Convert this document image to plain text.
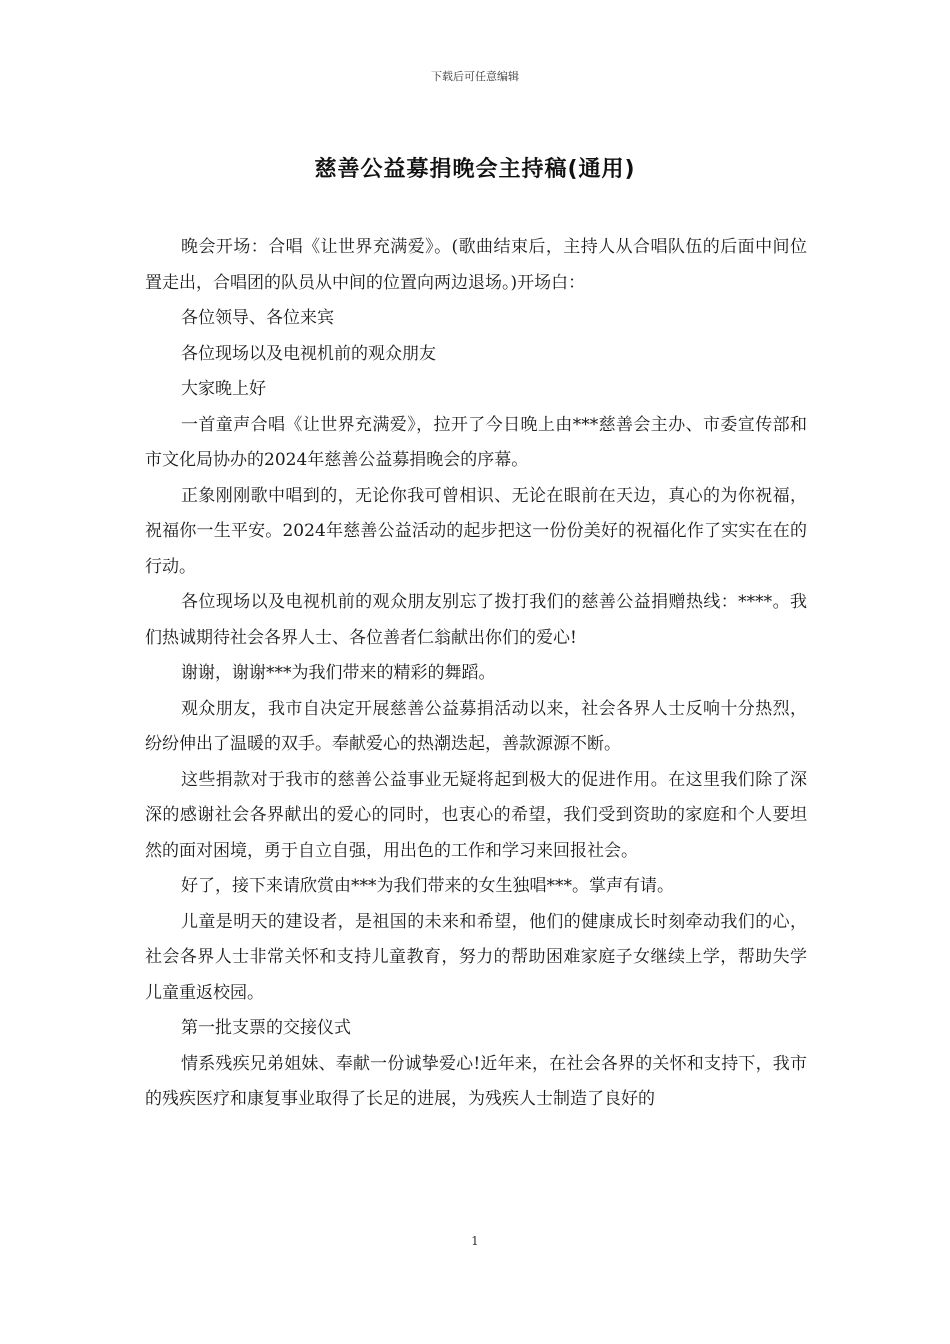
下载后可任意编辑
慈善公益募捐晚会主持稿(通用)

晚会开场：合唱《让世界充满爱》。(歌曲结束后，主持人从合唱队伍的后面中间位置走出，合唱团的队员从中间的位置向两边退场。)开场白：

各位领导、各位来宾

各位现场以及电视机前的观众朋友

大家晚上好

一首童声合唱《让世界充满爱》，拉开了今日晚上由***慈善会主办、市委宣传部和市文化局协办的2024年慈善公益募捐晚会的序幕。

正象刚刚歌中唱到的，无论你我可曾相识、无论在眼前在天边，真心的为你祝福，祝福你一生平安。2024年慈善公益活动的起步把这一份份美好的祝福化作了实实在在的行动。

各位现场以及电视机前的观众朋友别忘了拨打我们的慈善公益捐赠热线：****。我们热诚期待社会各界人士、各位善者仁翁献出你们的爱心!

谢谢，谢谢***为我们带来的精彩的舞蹈。

观众朋友，我市自决定开展慈善公益募捐活动以来，社会各界人士反响十分热烈，纷纷伸出了温暖的双手。奉献爱心的热潮迭起，善款源源不断。

这些捐款对于我市的慈善公益事业无疑将起到极大的促进作用。在这里我们除了深深的感谢社会各界献出的爱心的同时，也衷心的希望，我们受到资助的家庭和个人要坦然的面对困境，勇于自立自强，用出色的工作和学习来回报社会。

好了，接下来请欣赏由***为我们带来的女生独唱***。掌声有请。

儿童是明天的建设者，是祖国的未来和希望，他们的健康成长时刻牵动我们的心，社会各界人士非常关怀和支持儿童教育，努力的帮助困难家庭子女继续上学，帮助失学儿童重返校园。

第一批支票的交接仪式

情系残疾兄弟姐妹、奉献一份诚挚爱心!近年来，在社会各界的关怀和支持下，我市的残疾医疗和康复事业取得了长足的进展，为残疾人士制造了良好的

1
